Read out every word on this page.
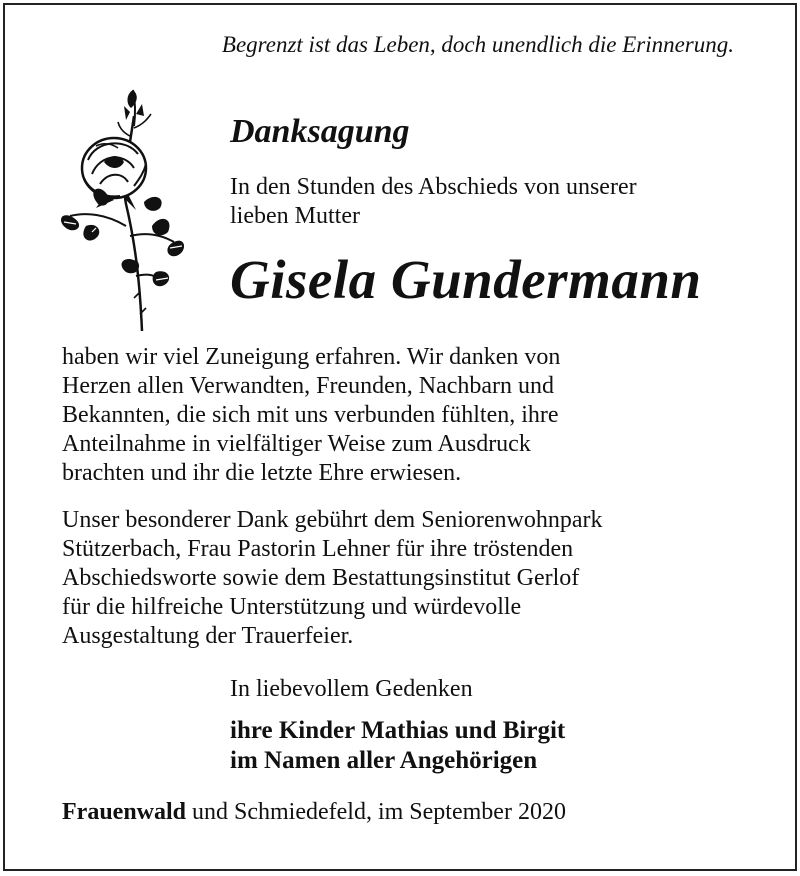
Begrenzt ist das Leben, doch unendlich die Erinnerung.
Danksagung
In den Stunden des Abschieds von unserer
lieben Mutter
Gisela Gundermann
haben wir viel Zuneigung erfahren. Wir danken von
Herzen allen Verwandten, Freunden, Nachbarn und
Bekannten, die sich mit uns verbunden fühlten, ihre
Anteilnahme in vielfältiger Weise zum Ausdruck
brachten und ihr die letzte Ehre erwiesen.
Unser besonderer Dank gebührt dem Seniorenwohnpark
Stützerbach, Frau Pastorin Lehner für ihre tröstenden
Abschiedsworte sowie dem Bestattungsinstitut Gerlof
für die hilfreiche Unterstützung und würdevolle
Ausgestaltung der Trauerfeier.
In liebevollem Gedenken
ihre Kinder Mathias und Birgit
im Namen aller Angehörigen
Frauenwald und Schmiedefeld, im September 2020
